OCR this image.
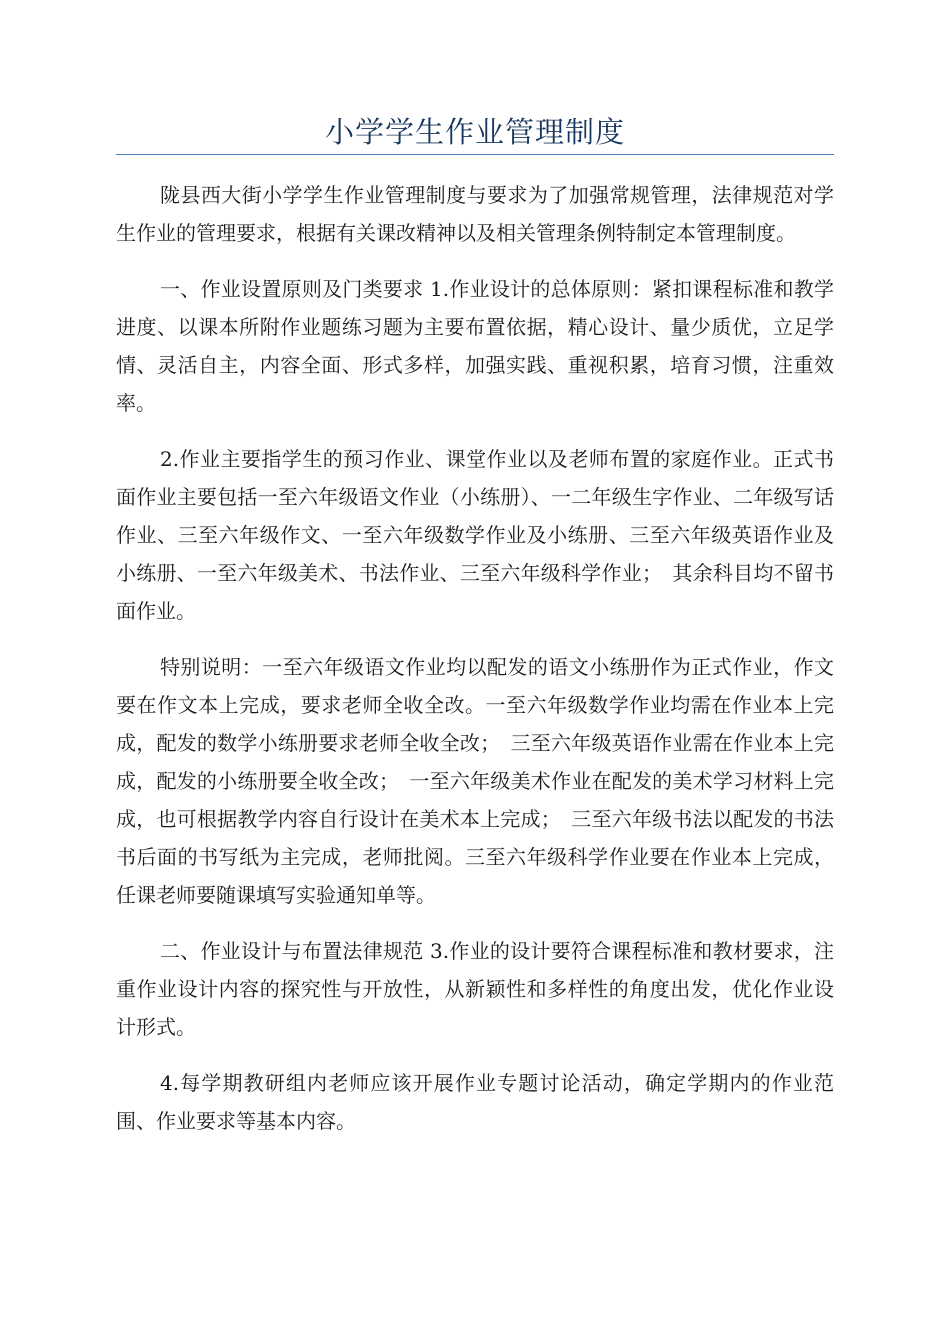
小学学生作业管理制度

陇县西大街小学学生作业管理制度与要求为了加强常规管理，法律规范对学生作业的管理要求，根据有关课改精神以及相关管理条例特制定本管理制度。

一、作业设置原则及门类要求 1.作业设计的总体原则：紧扣课程标准和教学进度、以课本所附作业题练习题为主要布置依据，精心设计、量少质优，立足学情、灵活自主，内容全面、形式多样，加强实践、重视积累，培育习惯，注重效率。

2.作业主要指学生的预习作业、课堂作业以及老师布置的家庭作业。正式书面作业主要包括一至六年级语文作业（小练册）、一二年级生字作业、二年级写话作业、三至六年级作文、一至六年级数学作业及小练册、三至六年级英语作业及小练册、一至六年级美术、书法作业、三至六年级科学作业；　其余科目均不留书面作业。

特别说明：一至六年级语文作业均以配发的语文小练册作为正式作业，作文要在作文本上完成，要求老师全收全改。一至六年级数学作业均需在作业本上完成，配发的数学小练册要求老师全收全改；　三至六年级英语作业需在作业本上完成，配发的小练册要全收全改；　一至六年级美术作业在配发的美术学习材料上完成，也可根据教学内容自行设计在美术本上完成；　三至六年级书法以配发的书法书后面的书写纸为主完成，老师批阅。三至六年级科学作业要在作业本上完成，任课老师要随课填写实验通知单等。

二、作业设计与布置法律规范 3.作业的设计要符合课程标准和教材要求，注重作业设计内容的探究性与开放性，从新颖性和多样性的角度出发，优化作业设计形式。

4.每学期教研组内老师应该开展作业专题讨论活动，确定学期内的作业范围、作业要求等基本内容。
